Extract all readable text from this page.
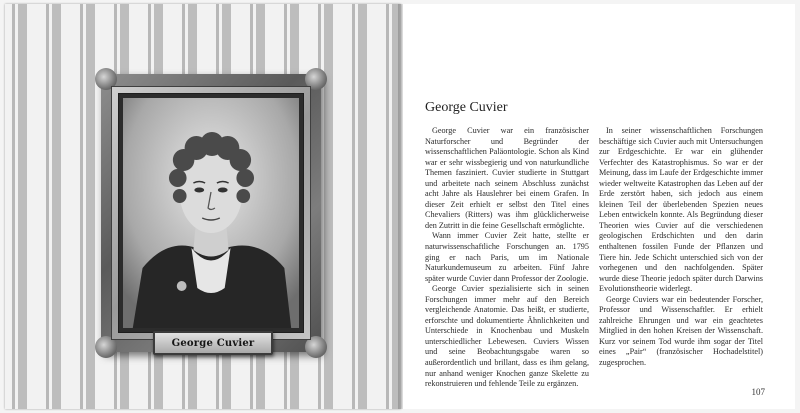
George Cuvier
George Cuvier

George Cuvier war ein französischer Naturforscher und Begründer der wissenschaftlichen Paläontologie. Schon als Kind war er sehr wissbegierig und von naturkundliche Themen fasziniert. Cuvier studierte in Stuttgart und arbeitete nach seinem Abschluss zunächst acht Jahre als Hauslehrer bei einem Grafen. In dieser Zeit erhielt er selbst den Titel eines Chevaliers (Ritters) was ihm glücklicherweise den Zutritt in die feine Gesellschaft ermöglichte.

Wann immer Cuvier Zeit hatte, stellte er naturwissenschaftliche Forschungen an. 1795 ging er nach Paris, um im Nationale Naturkundemuseum zu arbeiten. Fünf Jahre später wurde Cuvier dann Professor der Zoologie.

George Cuvier spezialisierte sich in seinen Forschungen immer mehr auf den Bereich vergleichende Anatomie. Das heißt, er studierte, erforschte und dokumentierte Ähnlichkeiten und Unterschiede in Knochenbau und Muskeln unterschiedlicher Lebewesen. Cuviers Wissen und seine Beobachtungsgabe waren so außerordentlich und brillant, dass es ihm gelang, nur anhand weniger Knochen ganze Skelette zu rekonstruieren und fehlende Teile zu ergänzen.

In seiner wissenschaftlichen Forschungen beschäftige sich Cuvier auch mit Untersuchungen zur Erdgeschichte. Er war ein glühender Verfechter des Katastrophismus. So war er der Meinung, dass im Laufe der Erdgeschichte immer wieder weltweite Katastrophen das Leben auf der Erde zerstört haben, sich jedoch aus einem kleinen Teil der überlebenden Spezien neues Leben entwickeln konnte. Als Begründung dieser Theorien wies Cuvier auf die verschiedenen geologischen Erdschichten und den darin enthaltenen fossilen Funde der Pflanzen und Tiere hin. Jede Schicht unterschied sich von der vorhegenen und den nachfolgenden. Später wurde diese Theorie jedoch später durch Darwins Evolutionstheorie widerlegt.

George Cuviers war ein bedeutender Forscher, Professor und Wissenschaftler. Er erhielt zahlreiche Ehrungen und war ein geachtetes Mitglied in den hohen Kreisen der Wissenschaft. Kurz vor seinem Tod wurde ihm sogar der Titel eines „Pair“ (französischer Hochadelstitel) zugesprochen.

107
